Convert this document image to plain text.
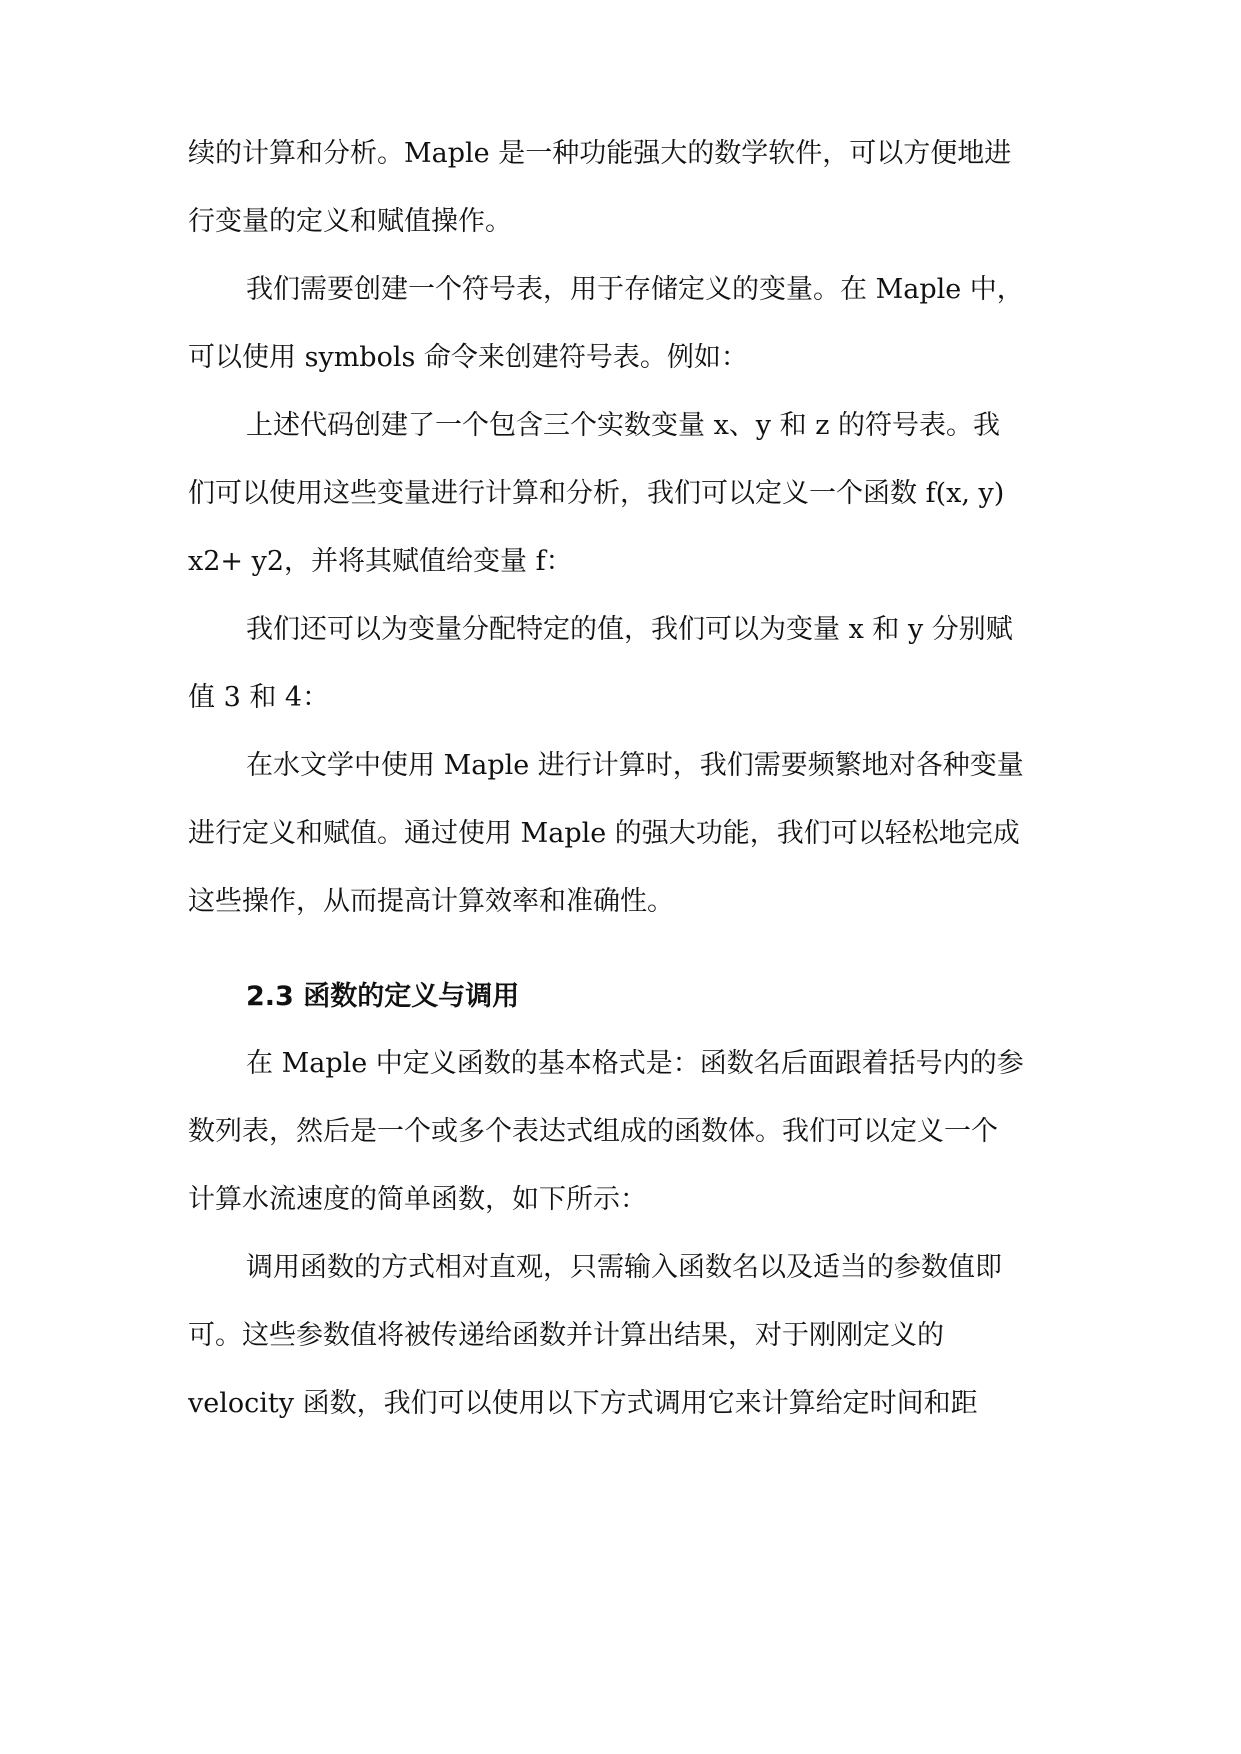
续的计算和分析。Maple 是一种功能强大的数学软件，可以方便地进
行变量的定义和赋值操作。
我们需要创建一个符号表，用于存储定义的变量。在 Maple 中，
可以使用 symbols 命令来创建符号表。例如：
上述代码创建了一个包含三个实数变量 x、y 和 z 的符号表。我
们可以使用这些变量进行计算和分析，我们可以定义一个函数 f(x, y)
x2+ y2，并将其赋值给变量 f：
我们还可以为变量分配特定的值，我们可以为变量 x 和 y 分别赋
值 3 和 4：
在水文学中使用 Maple 进行计算时，我们需要频繁地对各种变量
进行定义和赋值。通过使用 Maple 的强大功能，我们可以轻松地完成
这些操作，从而提高计算效率和准确性。
2.3 函数的定义与调用
在 Maple 中定义函数的基本格式是：函数名后面跟着括号内的参
数列表，然后是一个或多个表达式组成的函数体。我们可以定义一个
计算水流速度的简单函数，如下所示：
调用函数的方式相对直观，只需输入函数名以及适当的参数值即
可。这些参数值将被传递给函数并计算出结果，对于刚刚定义的
velocity 函数，我们可以使用以下方式调用它来计算给定时间和距
